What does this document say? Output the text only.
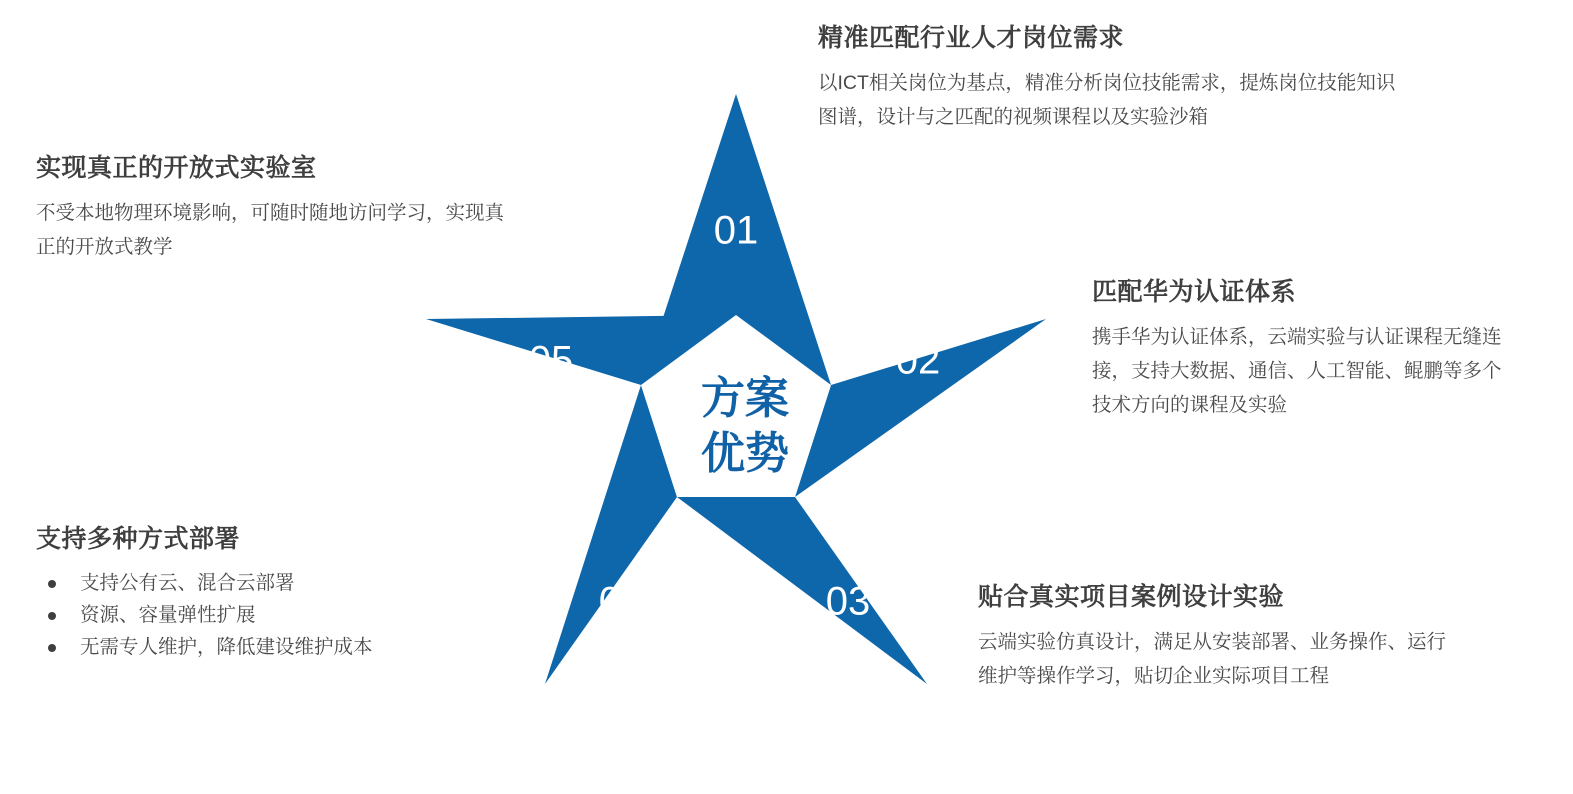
01
02
03
04
05
方案
优势
精准匹配行业人才岗位需求

以ICT相关岗位为基点，精准分析岗位技能需求，提炼岗位技能知识图谱，设计与之匹配的视频课程以及实验沙箱

匹配华为认证体系

携手华为认证体系，云端实验与认证课程无缝连接，支持大数据、通信、人工智能、鲲鹏等多个技术方向的课程及实验

贴合真实项目案例设计实验

云端实验仿真设计，满足从安装部署、业务操作、运行维护等操作学习，贴切企业实际项目工程

支持多种方式部署
支持公有云、混合云部署
资源、容量弹性扩展
无需专人维护，降低建设维护成本
实现真正的开放式实验室

不受本地物理环境影响，可随时随地访问学习，实现真正的开放式教学
